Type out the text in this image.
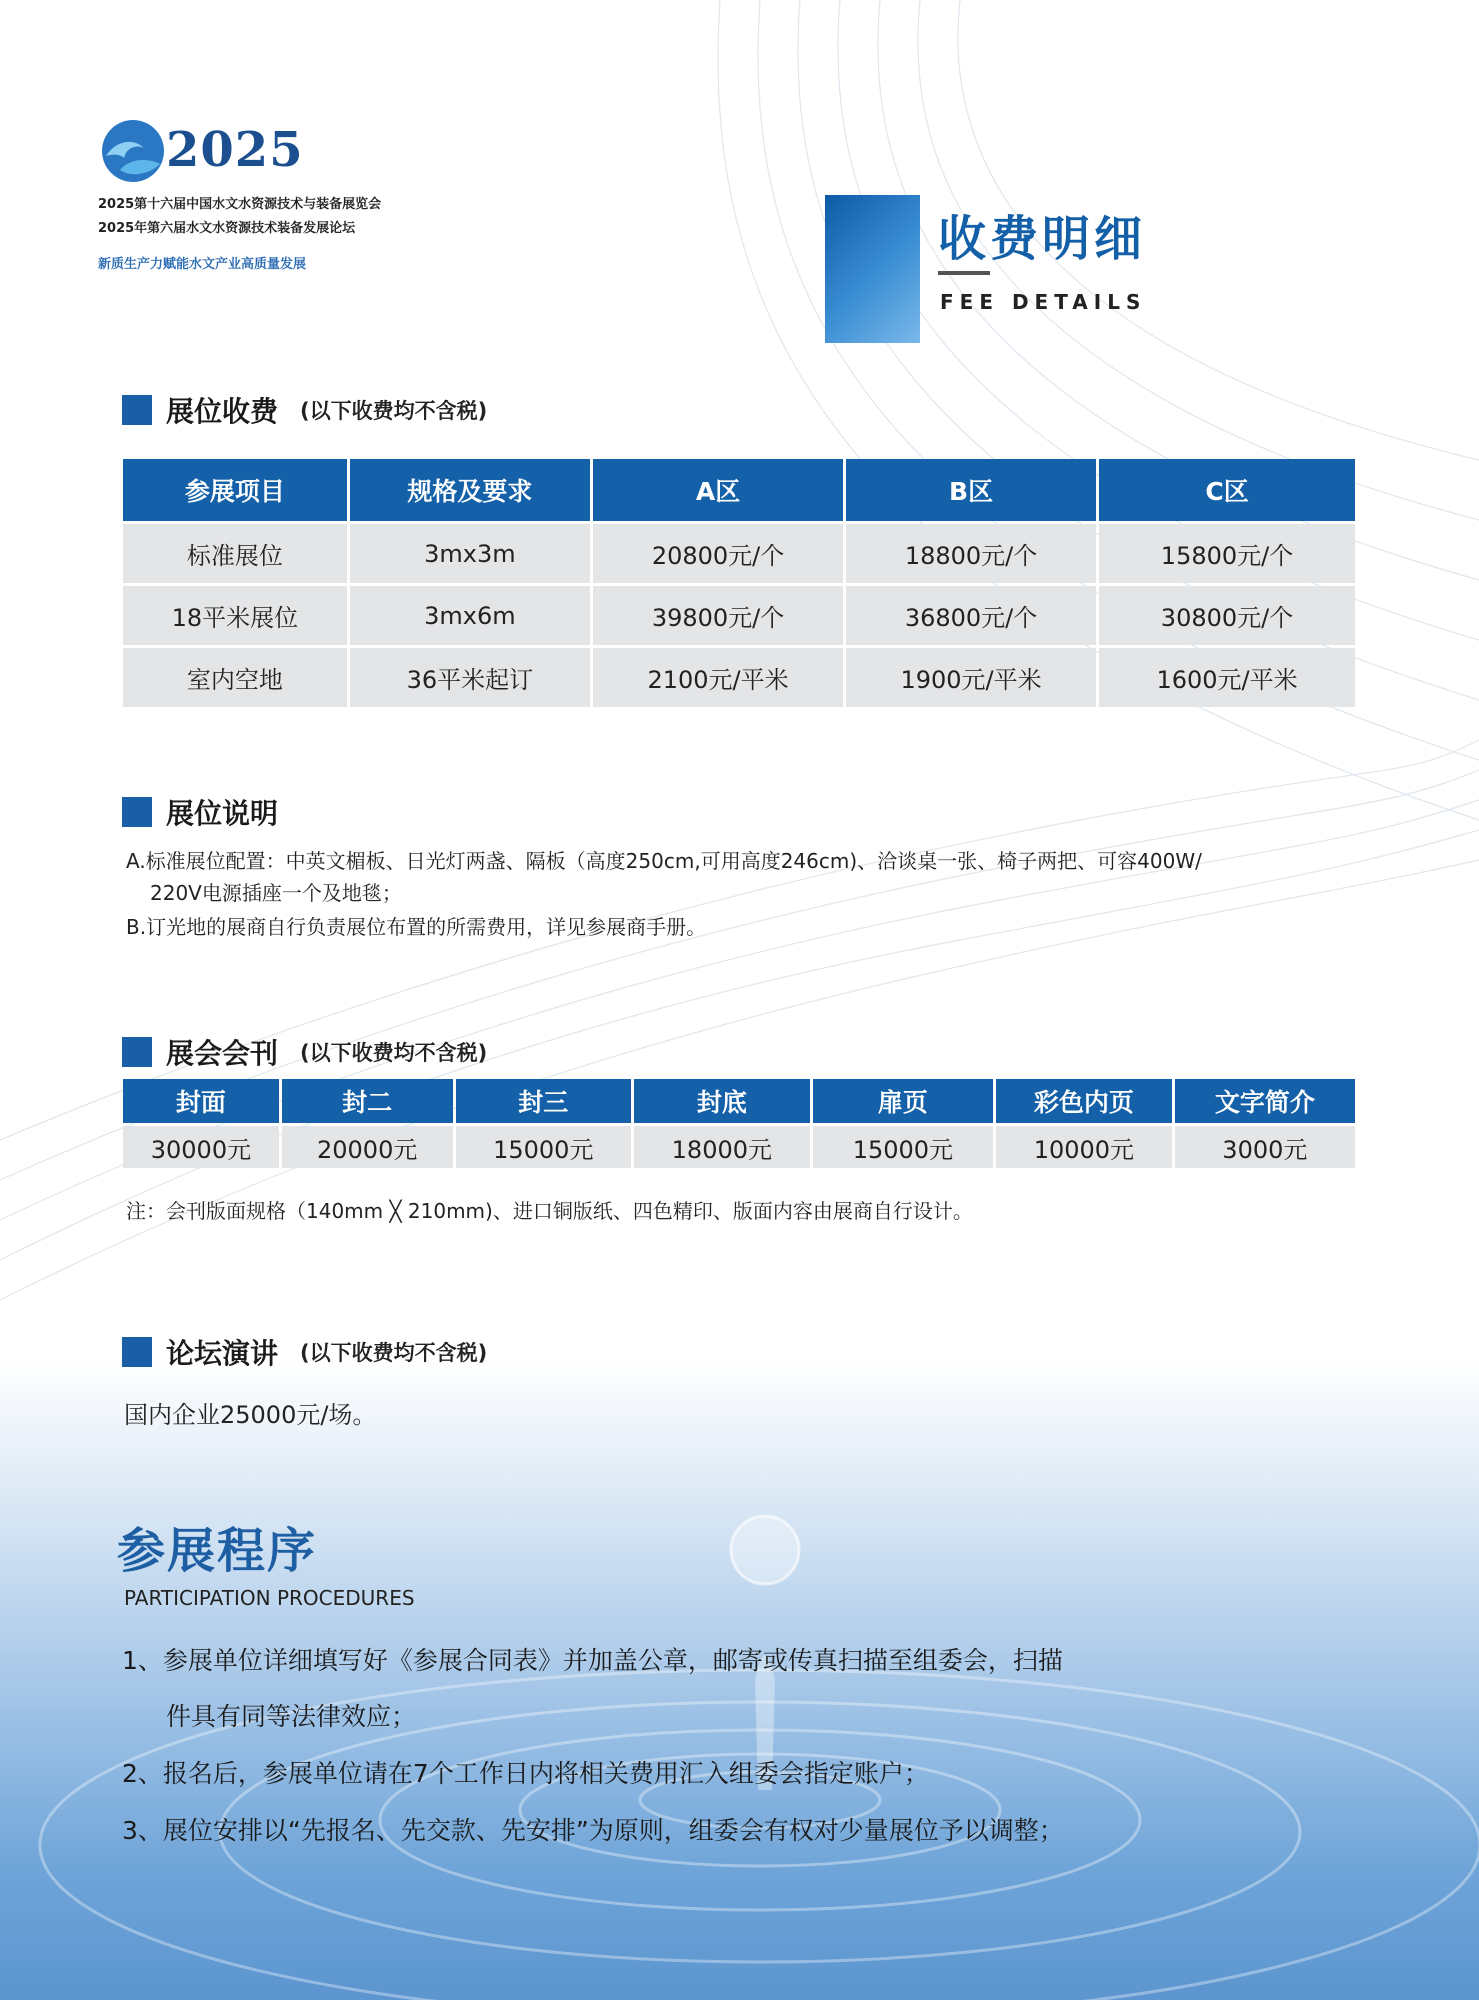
2025
2025第十六届中国水文水资源技术与装备展览会
2025年第六届水文水资源技术装备发展论坛
新质生产力赋能水文产业高质量发展	收费明细
FEE DETAILS
展位收费 (以下收费均不含税)
参展项目	规格及要求	A区	B区	C区
标准展位	3mx3m	20800元/个	18800元/个	15800元/个
18平米展位	3mx6m	39800元/个	36800元/个	30800元/个
室内空地	36平米起订	2100元/平米	1900元/平米	1600元/平米
展位说明
A.标准展位配置：中英文楣板、日光灯两盏、隔板（高度250cm,可用高度246cm)、洽谈桌一张、椅子两把、可容400W/
220V电源插座一个及地毯；
B.订光地的展商自行负责展位布置的所需费用，详见参展商手册。
展会会刊 (以下收费均不含税)
封面	封二	封三	封底	扉页	彩色内页	文字简介
30000元	20000元	15000元	18000元	15000元	10000元	3000元
注：会刊版面规格（140mm ╳ 210mm)、进口铜版纸、四色精印、版面内容由展商自行设计。
论坛演讲 (以下收费均不含税)
国内企业25000元/场。
参展程序
PARTICIPATION PROCEDURES
1、参展单位详细填写好《参展合同表》并加盖公章，邮寄或传真扫描至组委会，扫描
件具有同等法律效应；
2、报名后，参展单位请在7个工作日内将相关费用汇入组委会指定账户；
3、展位安排以“先报名、先交款、先安排”为原则，组委会有权对少量展位予以调整；
